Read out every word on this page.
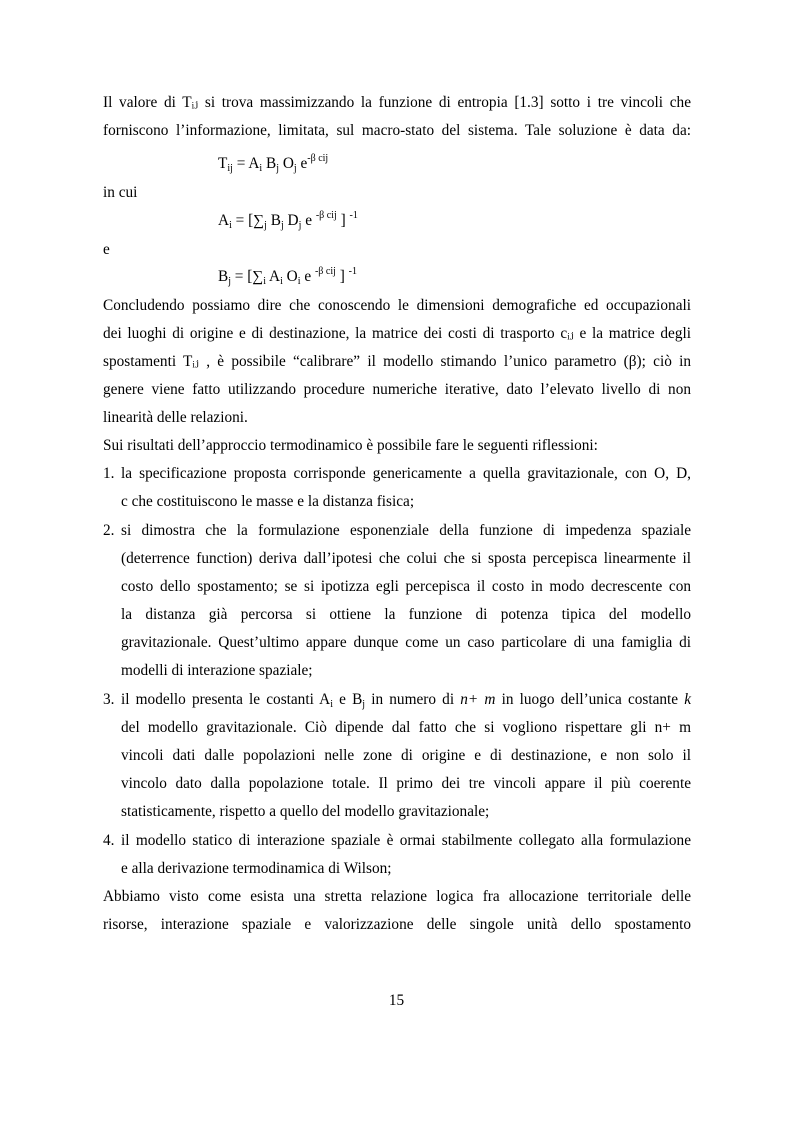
Il valore di Tᵢⱼ si trova massimizzando la funzione di entropia [1.3] sotto i tre vincoli che
forniscono l’informazione, limitata, sul macro-stato del sistema. Tale soluzione è data da:
$T_{ij} = A_i$ $B_j$ $O_j$ $e^{-\beta cij}$
in cui
$A_i = [\sum_j$ $B_j$ $D_j$ e $^{-\beta cij}$ ] $^{-1}$
e
$B_j = [\sum_i$ $A_i$ $O_i$ e $^{-\beta cij}$ ] $^{-1}$
Concludendo possiamo dire che conoscendo le dimensioni demografiche ed occupazionali
dei luoghi di origine e di destinazione, la matrice dei costi di trasporto cᵢⱼ e la matrice degli
spostamenti Tᵢⱼ , è possibile “calibrare” il modello stimando l’unico parametro (β); ciò in
genere viene fatto utilizzando procedure numeriche iterative, dato l’elevato livello di non
linearità delle relazioni.
Sui risultati dell’approccio termodinamico è possibile fare le seguenti riflessioni:
1. la specificazione proposta corrisponde genericamente a quella gravitazionale, con O, D,
c che costituiscono le masse e la distanza fisica;
2. si dimostra che la formulazione esponenziale della funzione di impedenza spaziale
(deterrence function) deriva dall’ipotesi che colui che si sposta percepisca linearmente il
costo dello spostamento; se si ipotizza egli percepisca il costo in modo decrescente con
la distanza già percorsa si ottiene la funzione di potenza tipica del modello
gravitazionale. Quest’ultimo appare dunque come un caso particolare di una famiglia di
modelli di interazione spaziale;
3. il modello presenta le costanti $A_i$ e $B_j$ in numero di n+ m in luogo dell’unica costante k
del modello gravitazionale. Ciò dipende dal fatto che si vogliono rispettare gli n+ m
vincoli dati dalle popolazioni nelle zone di origine e di destinazione, e non solo il
vincolo dato dalla popolazione totale. Il primo dei tre vincoli appare il più coerente
statisticamente, rispetto a quello del modello gravitazionale;
4. il modello statico di interazione spaziale è ormai stabilmente collegato alla formulazione
e alla derivazione termodinamica di Wilson;
Abbiamo visto come esista una stretta relazione logica fra allocazione territoriale delle
risorse, interazione spaziale e valorizzazione delle singole unità dello spostamento
15
